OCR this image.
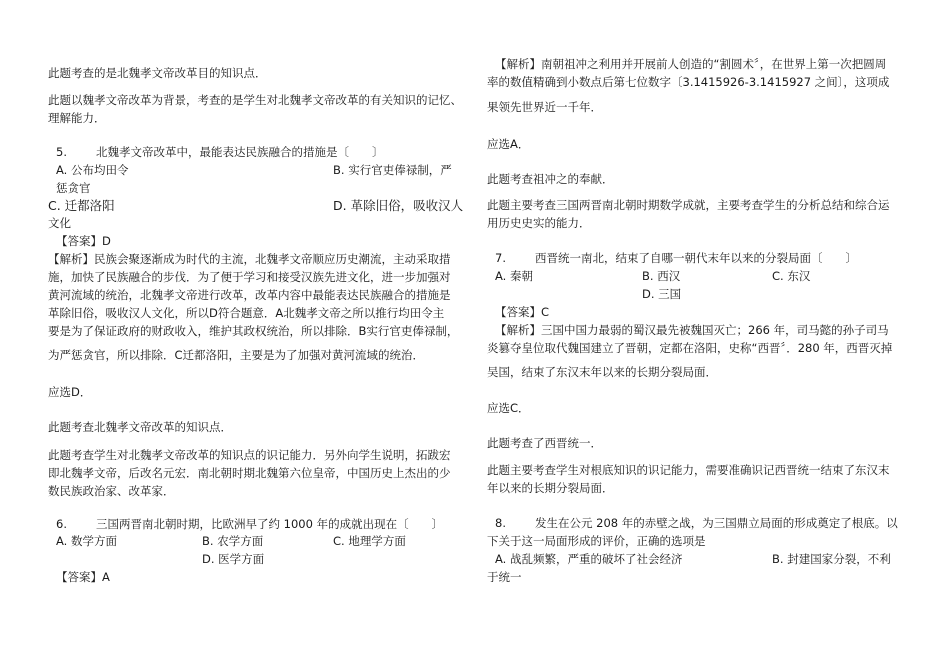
此题考查的是北魏孝文帝改革目的知识点．
此题以魏孝文帝改革为背景，考查的是学生对北魏孝文帝改革的有关知识的记忆、
理解能力．
5.	北魏孝文帝改革中，最能表达民族融合的措施是〔　　〕
A. 公布均田令	B. 实行官吏俸禄制，严
惩贪官
C. 迁都洛阳	D. 革除旧俗，吸收汉人
文化
【答案】D
【解析】民族会聚逐渐成为时代的主流，北魏孝文帝顺应历史潮流，主动采取措
施，加快了民族融合的步伐．为了便于学习和接受汉族先进文化，进一步加强对
黄河流域的统治，北魏孝文帝进行改革，改革内容中最能表达民族融合的措施是
革除旧俗，吸收汉人文化，所以D符合题意．A北魏孝文帝之所以推行均田令主
要是为了保证政府的财政收入，维护其政权统治，所以排除．B实行官吏俸禄制，
为严惩贪官，所以排除．C迁都洛阳，主要是为了加强对黄河流域的统治．
应选D．
此题考查北魏孝文帝改革的知识点．
此题考查学生对北魏孝文帝改革的知识点的识记能力．另外向学生说明，拓跋宏
即北魏孝文帝，后改名元宏．南北朝时期北魏第六位皇帝，中国历史上杰出的少
数民族政治家、改革家．
6.	三国两晋南北朝时期，比欧洲早了约 1000 年的成就出现在〔　　〕
A. 数学方面	B. 农学方面	C. 地理学方面
D. 医学方面
【答案】A
【解析】南朝祖冲之利用并开展前人创造的“割圆术〞，在世界上第一次把圆周
率的数值精确到小数点后第七位数字〔3.1415926-3.1415927 之间〕，这项成
果领先世界近一千年．
应选A．
此题考查祖冲之的奉献．
此题主要考查三国两晋南北朝时期数学成就，主要考查学生的分析总结和综合运
用历史史实的能力．
7.	西晋统一南北，结束了自哪一朝代末年以来的分裂局面〔　　〕
A. 秦朝	B. 西汉	C. 东汉
D. 三国
【答案】C
【解析】三国中国力最弱的蜀汉最先被魏国灭亡；266 年，司马懿的孙子司马
炎篡夺皇位取代魏国建立了晋朝，定都在洛阳，史称“西晋〞．280 年，西晋灭掉
吴国，结束了东汉末年以来的长期分裂局面．
应选C．
此题考查了西晋统一．
此题主要考查学生对根底知识的识记能力，需要准确识记西晋统一结束了东汉末
年以来的长期分裂局面．
8.	发生在公元 208 年的赤壁之战，为三国鼎立局面的形成奠定了根底。以
下关于这一局面形成的评价，正确的选项是
A. 战乱频繁，严重的破坏了社会经济	B. 封建国家分裂，不利
于统一
